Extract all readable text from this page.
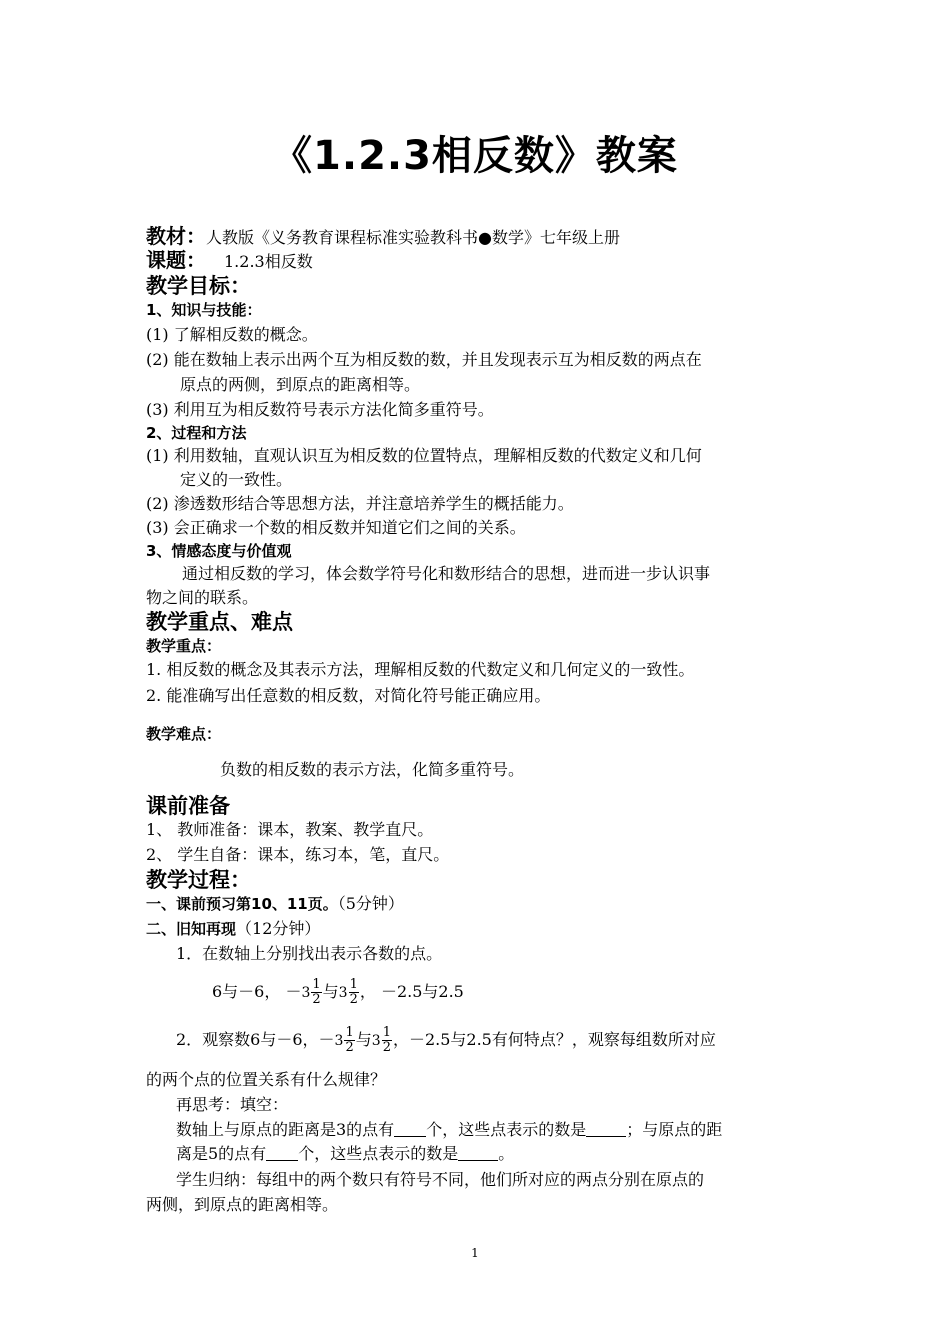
《1.2.3相反数》教案
教材：人教版《义务教育课程标准实验教科书●数学》七年级上册
课题： 1.2.3相反数
教学目标：
1、知识与技能：
(1) 了解相反数的概念。
(2) 能在数轴上表示出两个互为相反数的数，并且发现表示互为相反数的两点在
原点的两侧，到原点的距离相等。
(3) 利用互为相反数符号表示方法化简多重符号。
2、过程和方法
(1) 利用数轴，直观认识互为相反数的位置特点，理解相反数的代数定义和几何
定义的一致性。
(2) 渗透数形结合等思想方法，并注意培养学生的概括能力。
(3) 会正确求一个数的相反数并知道它们之间的关系。
3、情感态度与价值观
通过相反数的学习，体会数学符号化和数形结合的思想，进而进一步认识事
物之间的联系。
教学重点、难点
教学重点：
1. 相反数的概念及其表示方法，理解相反数的代数定义和几何定义的一致性。
2. 能准确写出任意数的相反数，对简化符号能正确应用。
教学难点：
负数的相反数的表示方法，化简多重符号。
课前准备
1、 教师准备：课本，教案、教学直尺。
2、 学生自备：课本，练习本，笔，直尺。
教学过程：
一、课前预习第10、11页。（5分钟）
二、旧知再现（12分钟）
1．在数轴上分别找出表示各数的点。
6与－6， $-3 \frac{1}{2}$ 与$3 \frac{1}{2}$ ， －2.5与2.5
2．观察数6与－6，$-3 \frac{1}{2}$ 与$3 \frac{1}{2}$ ，－2.5与2.5有何特点？，观察每组数所对应
的两个点的位置关系有什么规律？
再思考：填空：
数轴上与原点的距离是3的点有 个，这些点表示的数是	；与原点的距
离是5的点有 个，这些点表示的数是	。
学生归纳：每组中的两个数只有符号不同，他们所对应的两点分别在原点的
两侧，到原点的距离相等。
1
